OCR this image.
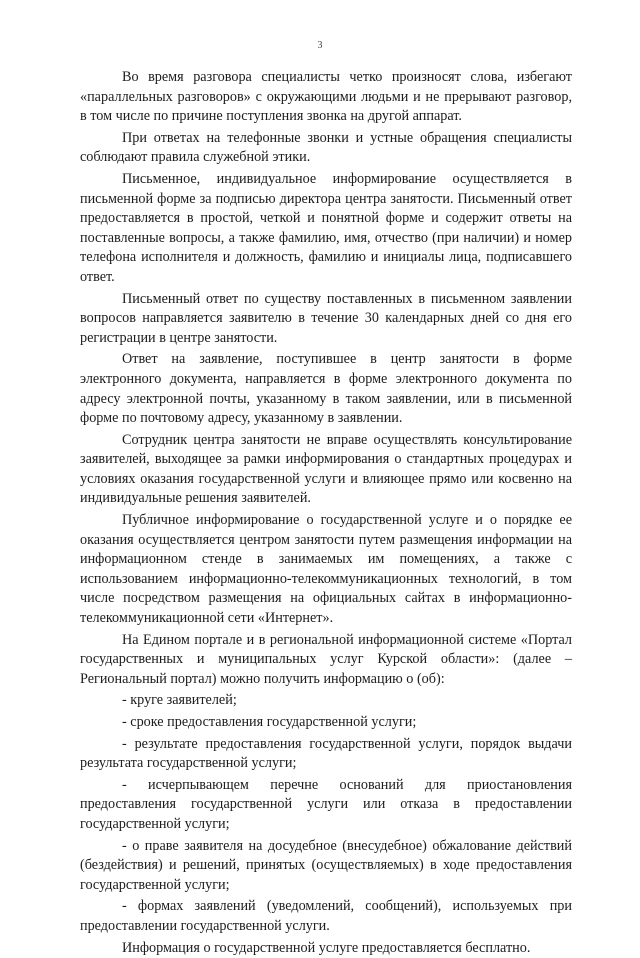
3

Во время разговора специалисты четко произносят слова, избегают «параллельных разговоров» с окружающими людьми и не прерывают разговор, в том числе по причине поступления звонка на другой аппарат.

При ответах на телефонные звонки и устные обращения специалисты соблюдают правила служебной этики.

Письменное, индивидуальное информирование осуществляется в письменной форме за подписью директора центра занятости. Письменный ответ предоставляется в простой, четкой и понятной форме и содержит ответы на поставленные вопросы, а также фамилию, имя, отчество (при наличии) и номер телефона исполнителя и должность, фамилию и инициалы лица, подписавшего ответ.

Письменный ответ по существу поставленных в письменном заявлении вопросов направляется заявителю в течение 30 календарных дней со дня его регистрации в центре занятости.

Ответ на заявление, поступившее в центр занятости в форме электронного документа, направляется в форме электронного документа по адресу электронной почты, указанному в таком заявлении, или в письменной форме по почтовому адресу, указанному в заявлении.

Сотрудник центра занятости не вправе осуществлять консультирование заявителей, выходящее за рамки информирования о стандартных процедурах и условиях оказания государственной услуги и влияющее прямо или косвенно на индивидуальные решения заявителей.

Публичное информирование о государственной услуге и о порядке ее оказания осуществляется центром занятости путем размещения информации на информационном стенде в занимаемых им помещениях, а также с использованием информационно-телекоммуникационных технологий, в том числе посредством размещения на официальных сайтах в информационно-телекоммуникационной сети «Интернет».

На Едином портале и в региональной информационной системе «Портал государственных и муниципальных услуг Курской области»: (далее – Региональный портал) можно получить информацию о (об):

- круге заявителей;

- сроке предоставления государственной услуги;

- результате предоставления государственной услуги, порядок выдачи результата государственной услуги;

- исчерпывающем перечне оснований для приостановления предоставления государственной услуги или отказа в предоставлении государственной услуги;

- о праве заявителя на досудебное (внесудебное) обжалование действий (бездействия) и решений, принятых (осуществляемых) в ходе предоставления государственной услуги;

- формах заявлений (уведомлений, сообщений), используемых при предоставлении государственной услуги.

Информация о государственной услуге предоставляется бесплатно.
